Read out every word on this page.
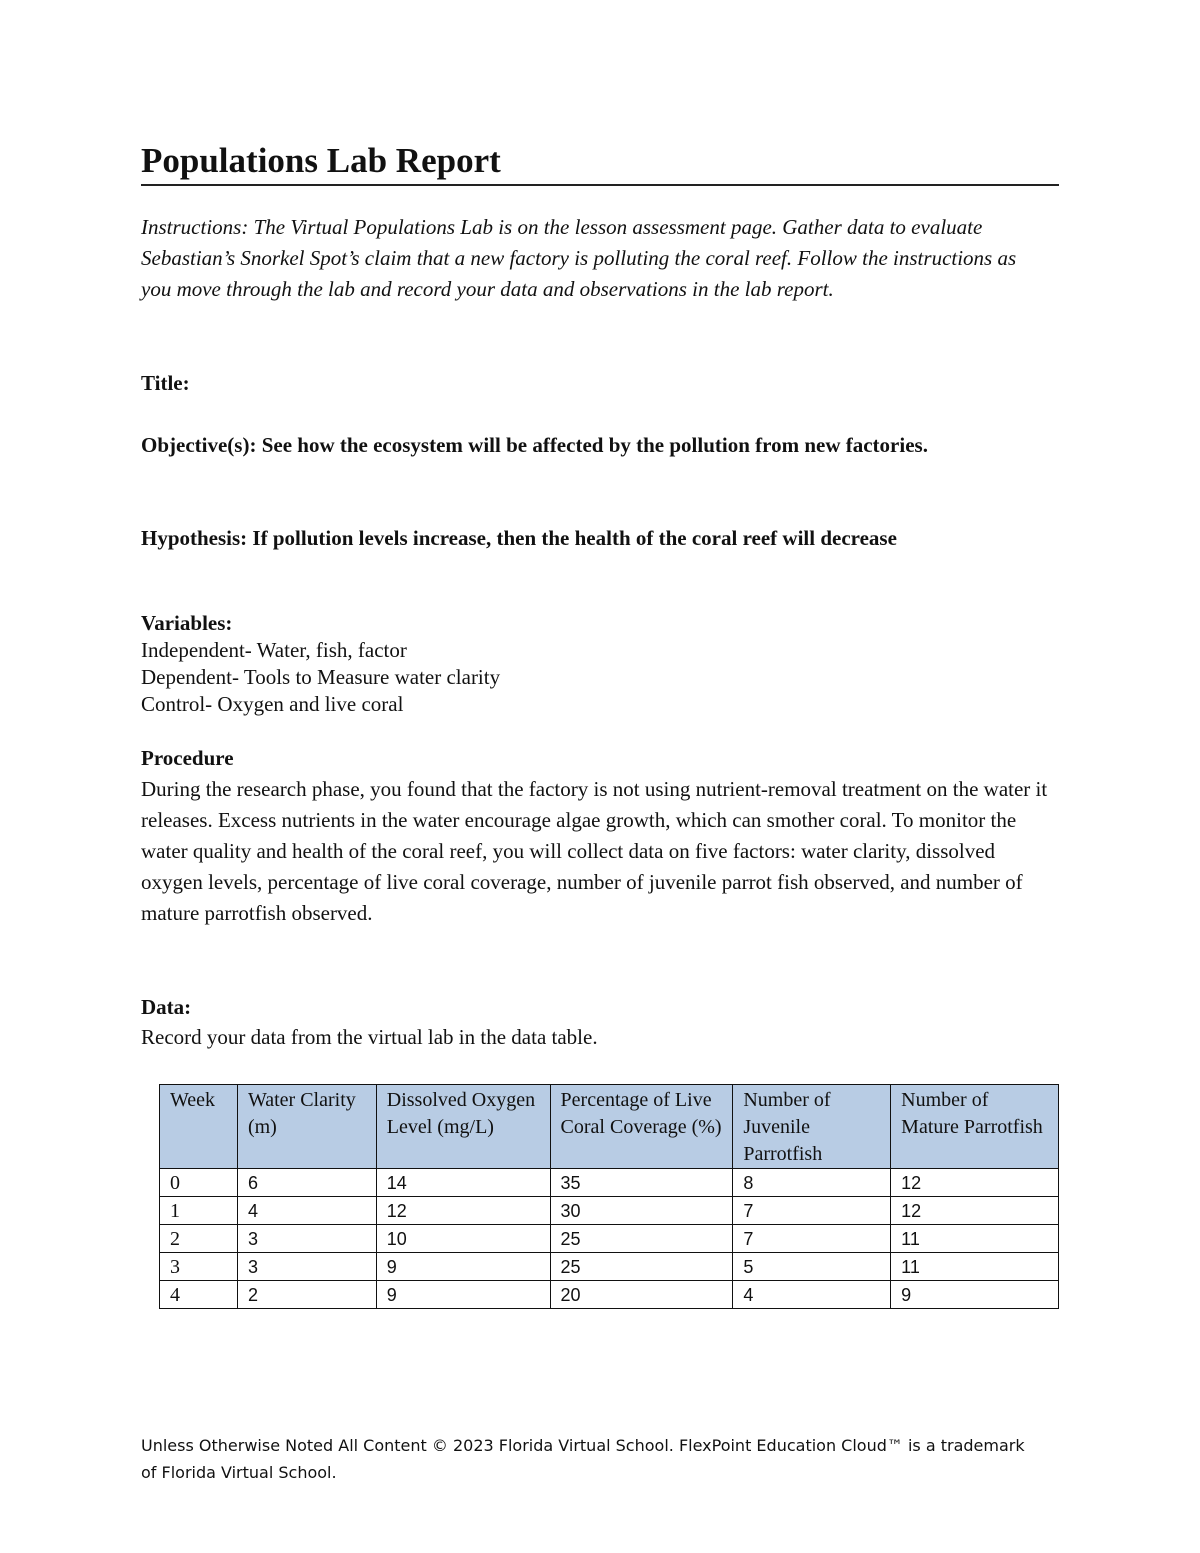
Populations Lab Report
Instructions: The Virtual Populations Lab is on the lesson assessment page. Gather data to evaluate Sebastian’s Snorkel Spot’s claim that a new factory is polluting the coral reef. Follow the instructions as you move through the lab and record your data and observations in the lab report.
Title:
Objective(s): See how the ecosystem will be affected by the pollution from new factories.
Hypothesis: If pollution levels increase, then the health of the coral reef will decrease
Variables:
Independent- Water, fish, factor
Dependent- Tools to Measure water clarity
Control- Oxygen and live coral
Procedure
During the research phase, you found that the factory is not using nutrient-removal treatment on the water it releases. Excess nutrients in the water encourage algae growth, which can smother coral. To monitor the water quality and health of the coral reef, you will collect data on five factors: water clarity, dissolved oxygen levels, percentage of live coral coverage, number of juvenile parrot fish observed, and number of mature parrotfish observed.
Data:
Record your data from the virtual lab in the data table.
Week	Water Clarity (m)	Dissolved Oxygen Level (mg/L)	Percentage of Live Coral Coverage (%)	Number of Juvenile Parrotfish	Number of Mature Parrotfish
0	6	14	35	8	12
1	4	12	30	7	12
2	3	10	25	7	11
3	3	9	25	5	11
4	2	9	20	4	9
Unless Otherwise Noted All Content © 2023 Florida Virtual School. FlexPoint Education Cloud™ is a trademark of Florida Virtual School.
